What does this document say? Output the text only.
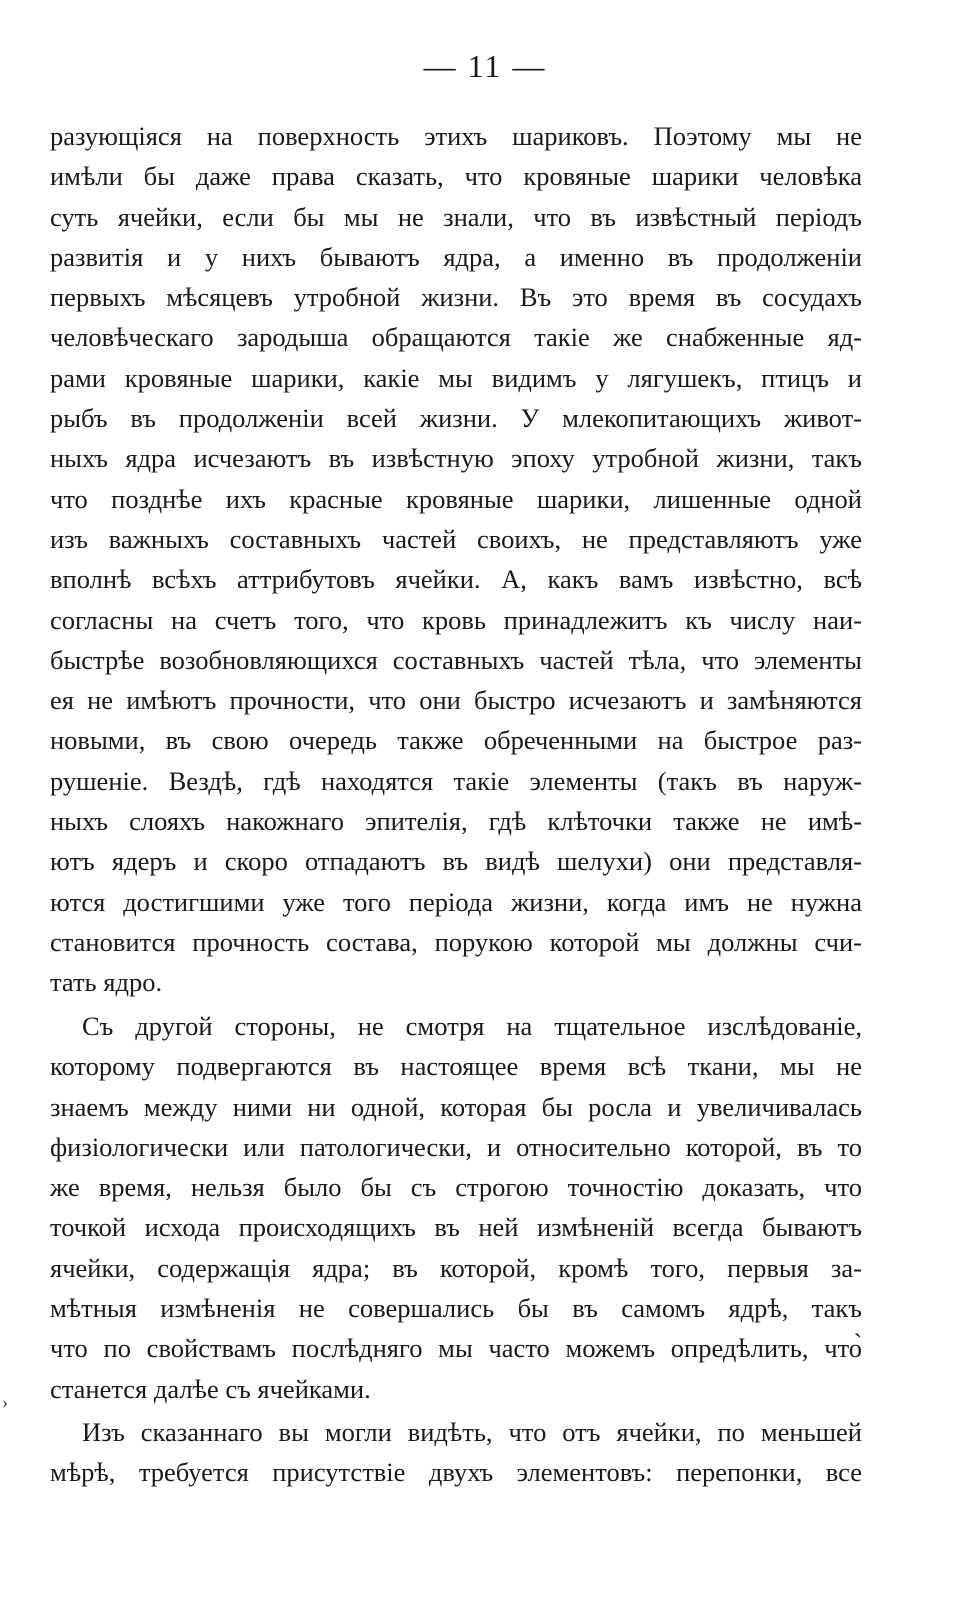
— 11 —
›
разующіяся на поверхность этихъ шариковъ. Поэтому мы не
имѣли бы даже права сказать, что кровяные шарики человѣка
суть ячейки, если бы мы не знали, что въ извѣстный періодъ
развитія и у нихъ бываютъ ядра, а именно въ продолженіи
первыхъ мѣсяцевъ утробной жизни. Въ это время въ сосудахъ
человѣческаго зародыша обращаются такіе же снабженные яд-
рами кровяные шарики, какіе мы видимъ у лягушекъ, птицъ и
рыбъ въ продолженіи всей жизни. У млекопитающихъ живот-
ныхъ ядра исчезаютъ въ извѣстную эпоху утробной жизни, такъ
что позднѣе ихъ красные кровяные шарики, лишенные одной
изъ важныхъ составныхъ частей своихъ, не представляютъ уже
вполнѣ всѣхъ аттрибутовъ ячейки. А, какъ вамъ извѣстно, всѣ
согласны на счетъ того, что кровь принадлежитъ къ числу наи-
быстрѣе возобновляющихся составныхъ частей тѣла, что элементы
ея не имѣютъ прочности, что они быстро исчезаютъ и замѣняются
новыми, въ свою очередь также обреченными на быстрое раз-
рушеніе. Вездѣ, гдѣ находятся такіе элементы (такъ въ наруж-
ныхъ слояхъ накожнаго эпителія, гдѣ клѣточки также не имѣ-
ютъ ядеръ и скоро отпадаютъ въ видѣ шелухи) они представля-
ются достигшими уже того періода жизни, когда имъ не нужна
становится прочность состава, порукою которой мы должны счи-
тать ядро.
Съ другой стороны, не смотря на тщательное изслѣдованіе,
которому подвергаются въ настоящее время всѣ ткани, мы не
знаемъ между ними ни одной, которая бы росла и увеличивалась
физіологически или патологически, и относительно которой, въ то
же время, нельзя было бы съ строгою точностію доказать, что
точкой исхода происходящихъ въ ней измѣненій всегда бываютъ
ячейки, содержащія ядра; въ которой, кромѣ того, первыя за-
мѣтныя измѣненія не совершались бы въ самомъ ядрѣ, такъ
что по свойствамъ послѣдняго мы часто можемъ опредѣлить, что̀
станется далѣе съ ячейками.
Изъ сказаннаго вы могли видѣть, что отъ ячейки, по меньшей
мѣрѣ, требуется присутствіе двухъ элементовъ: перепонки, все
